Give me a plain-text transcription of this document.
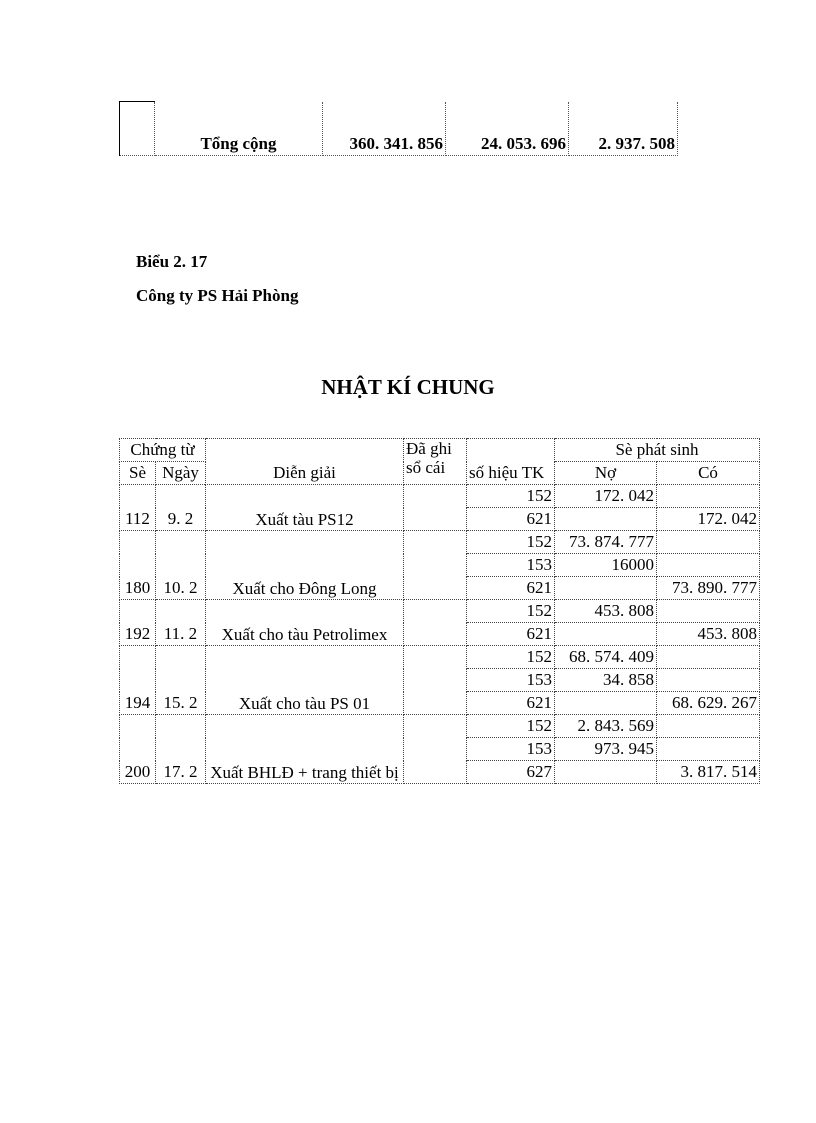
	Tổng cộng	360. 341. 856	24. 053. 696	2. 937. 508
Biểu 2. 17
Công ty PS Hải Phòng
NHẬT KÍ CHUNG
Chứng từ		Diễn giải	Đã ghi sổ cái	số hiệu TK	Sè phát sinh	
Sè	Ngày				Nợ	Có
112	9. 2	Xuất tàu PS12		152	172. 042	
				621		172. 042
180	10. 2	Xuất cho Đông Long		152	73. 874. 777	
				153	16000	
				621		73. 890. 777
192	11. 2	Xuất cho tàu Petrolimex		152	453. 808	
				621		453. 808
194	15. 2	Xuất cho tàu PS 01		152	68. 574. 409	
				153	34. 858	
				621		68. 629. 267
200	17. 2	Xuất BHLĐ + trang thiết bị		152	2. 843. 569	
				153	973. 945	
				627		3. 817. 514
